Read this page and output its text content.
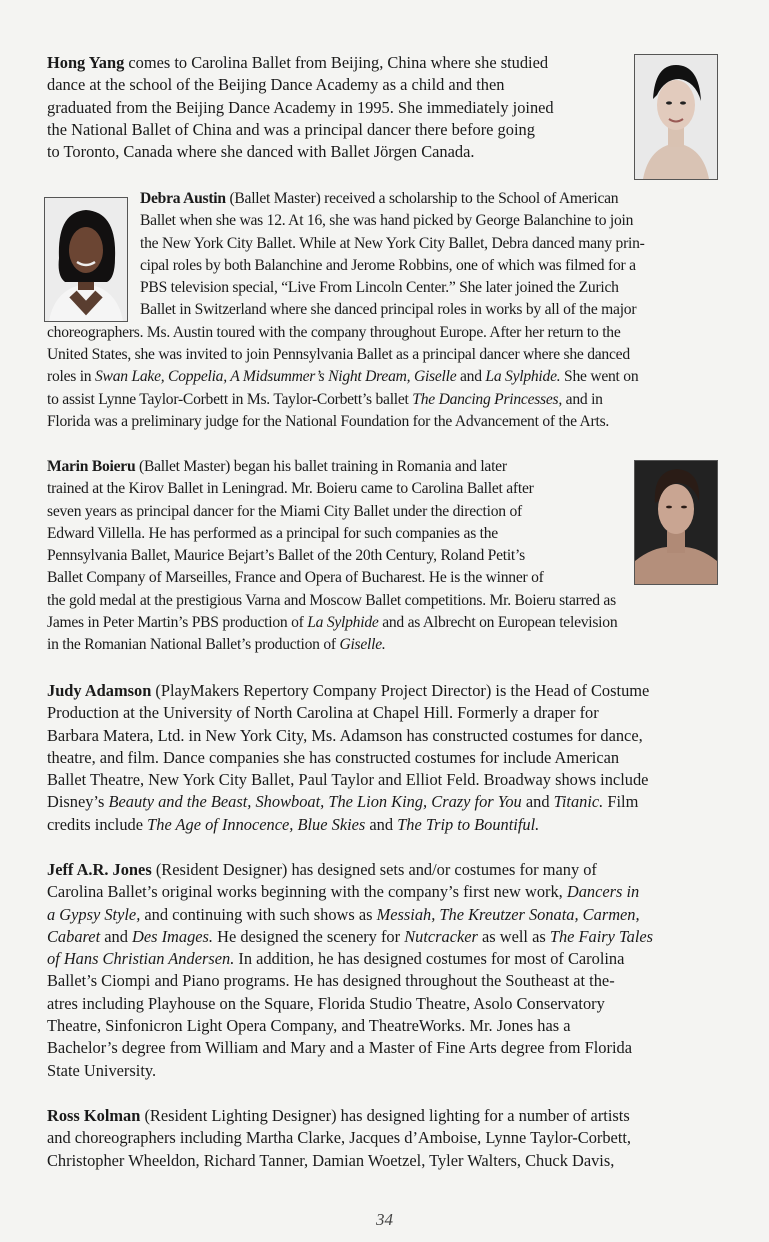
Hong Yang comes to Carolina Ballet from Beijing, China where she studied
dance at the school of the Beijing Dance Academy as a child and then
graduated from the Beijing Dance Academy in 1995. She immediately joined
the National Ballet of China and was a principal dancer there before going
to Toronto, Canada where she danced with Ballet Jörgen Canada.
Debra Austin (Ballet Master) received a scholarship to the School of American
Ballet when she was 12. At 16, she was hand picked by George Balanchine to join
the New York City Ballet. While at New York City Ballet, Debra danced many prin-
cipal roles by both Balanchine and Jerome Robbins, one of which was filmed for a
PBS television special, “Live From Lincoln Center.” She later joined the Zurich
Ballet in Switzerland where she danced principal roles in works by all of the major
choreographers. Ms. Austin toured with the company throughout Europe. After her return to the
United States, she was invited to join Pennsylvania Ballet as a principal dancer where she danced
roles in Swan Lake, Coppelia, A Midsummer’s Night Dream, Giselle and La Sylphide. She went on
to assist Lynne Taylor-Corbett in Ms. Taylor-Corbett’s ballet The Dancing Princesses, and in
Florida was a preliminary judge for the National Foundation for the Advancement of the Arts.
Marin Boieru (Ballet Master) began his ballet training in Romania and later
trained at the Kirov Ballet in Leningrad. Mr. Boieru came to Carolina Ballet after
seven years as principal dancer for the Miami City Ballet under the direction of
Edward Villella. He has performed as a principal for such companies as the
Pennsylvania Ballet, Maurice Bejart’s Ballet of the 20th Century, Roland Petit’s
Ballet Company of Marseilles, France and Opera of Bucharest. He is the winner of
the gold medal at the prestigious Varna and Moscow Ballet competitions. Mr. Boieru starred as
James in Peter Martin’s PBS production of La Sylphide and as Albrecht on European television
in the Romanian National Ballet’s production of Giselle.
Judy Adamson (PlayMakers Repertory Company Project Director) is the Head of Costume
Production at the University of North Carolina at Chapel Hill. Formerly a draper for
Barbara Matera, Ltd. in New York City, Ms. Adamson has constructed costumes for dance,
theatre, and film. Dance companies she has constructed costumes for include American
Ballet Theatre, New York City Ballet, Paul Taylor and Elliot Feld. Broadway shows include
Disney’s Beauty and the Beast, Showboat, The Lion King, Crazy for You and Titanic. Film
credits include The Age of Innocence, Blue Skies and The Trip to Bountiful.
Jeff A.R. Jones (Resident Designer) has designed sets and/or costumes for many of
Carolina Ballet’s original works beginning with the company’s first new work, Dancers in
a Gypsy Style, and continuing with such shows as Messiah, The Kreutzer Sonata, Carmen,
Cabaret and Des Images. He designed the scenery for Nutcracker as well as The Fairy Tales
of Hans Christian Andersen. In addition, he has designed costumes for most of Carolina
Ballet’s Ciompi and Piano programs. He has designed throughout the Southeast at the-
atres including Playhouse on the Square, Florida Studio Theatre, Asolo Conservatory
Theatre, Sinfonicron Light Opera Company, and TheatreWorks. Mr. Jones has a
Bachelor’s degree from William and Mary and a Master of Fine Arts degree from Florida
State University.
Ross Kolman (Resident Lighting Designer) has designed lighting for a number of artists
and choreographers including Martha Clarke, Jacques d’Amboise, Lynne Taylor-Corbett,
Christopher Wheeldon, Richard Tanner, Damian Woetzel, Tyler Walters, Chuck Davis,
34
